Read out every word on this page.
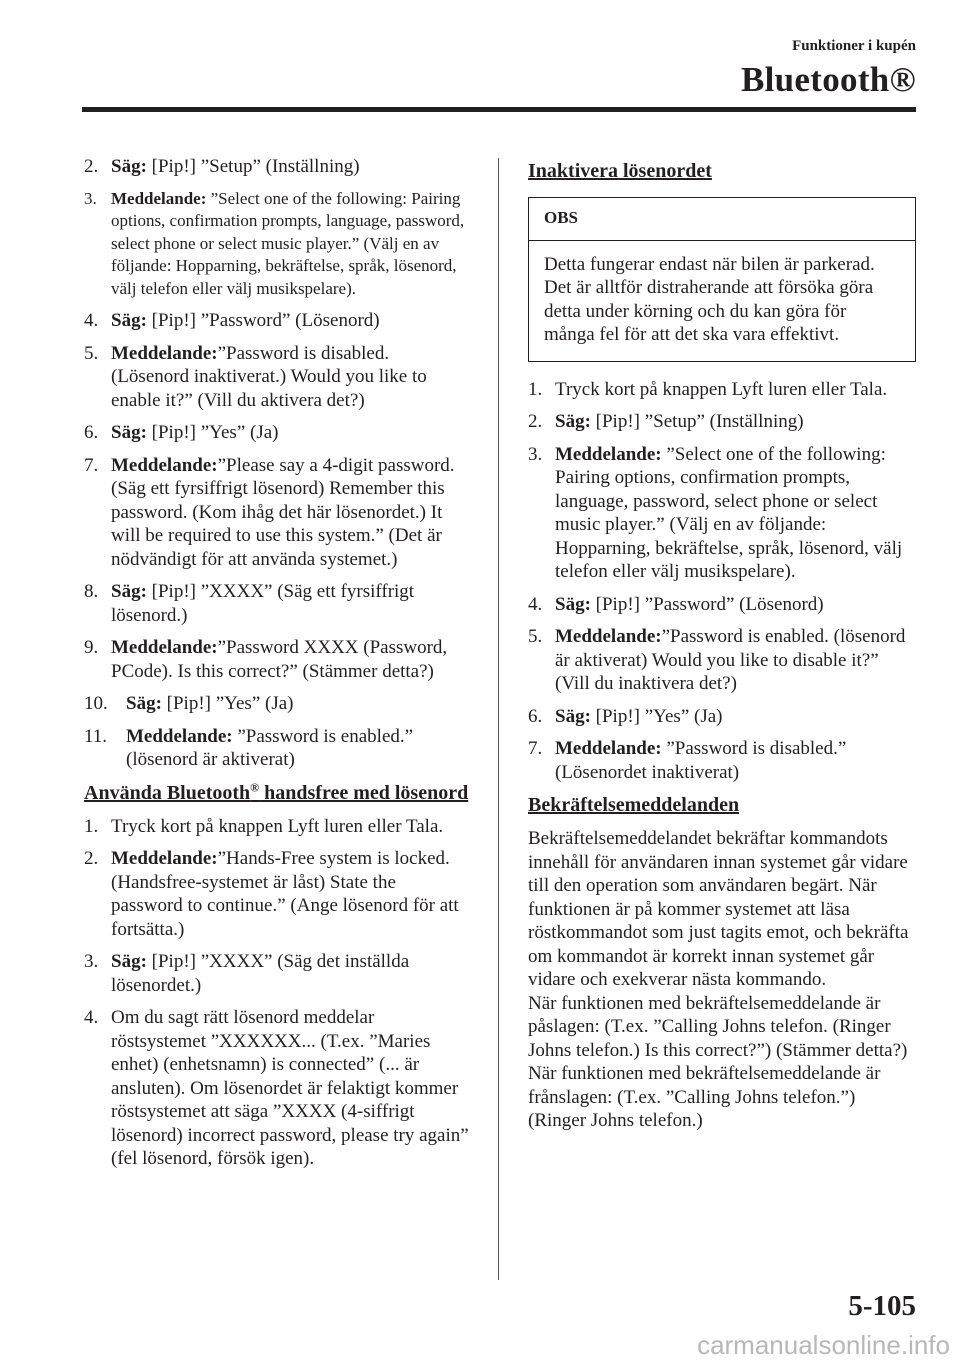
Funktioner i kupén
Bluetooth®
2. Säg: [Pip!] ”Setup” (Inställning)
3. Meddelande: ”Select one of the following: Pairing options, confirmation prompts, language, password, select phone or select music player.” (Välj en av följande: Hopparning, bekräftelse, språk, lösenord, välj telefon eller välj musikspelare).
4. Säg: [Pip!] ”Password” (Lösenord)
5. Meddelande:”Password is disabled. (Lösenord inaktiverat.) Would you like to enable it?” (Vill du aktivera det?)
6. Säg: [Pip!] ”Yes” (Ja)
7. Meddelande:”Please say a 4-digit password. (Säg ett fyrsiffrigt lösenord) Remember this password. (Kom ihåg det här lösenordet.) It will be required to use this system.” (Det är nödvändigt för att använda systemet.)
8. Säg: [Pip!] ”XXXX” (Säg ett fyrsiffrigt lösenord.)
9. Meddelande:”Password XXXX (Password, PCode). Is this correct?” (Stämmer detta?)
10. Säg: [Pip!] ”Yes” (Ja)
11. Meddelande: ”Password is enabled.” (lösenord är aktiverat)
Använda Bluetooth® handsfree med lösenord
1. Tryck kort på knappen Lyft luren eller Tala.
2. Meddelande:”Hands-Free system is locked. (Handsfree-systemet är låst) State the password to continue.” (Ange lösenord för att fortsätta.)
3. Säg: [Pip!] ”XXXX” (Säg det inställda lösenordet.)
4. Om du sagt rätt lösenord meddelar röstsystemet ”XXXXXX... (T.ex. ”Maries enhet) (enhetsnamn) is connected” (... är ansluten). Om lösenordet är felaktigt kommer röstsystemet att säga ”XXXX (4-siffrigt lösenord) incorrect password, please try again” (fel lösenord, försök igen).
Inaktivera lösenordet
OBS
Detta fungerar endast när bilen är parkerad. Det är alltför distraherande att försöka göra detta under körning och du kan göra för många fel för att det ska vara effektivt.
1. Tryck kort på knappen Lyft luren eller Tala.
2. Säg: [Pip!] ”Setup” (Inställning)
3. Meddelande: ”Select one of the following: Pairing options, confirmation prompts, language, password, select phone or select music player.” (Välj en av följande: Hopparning, bekräftelse, språk, lösenord, välj telefon eller välj musikspelare).
4. Säg: [Pip!] ”Password” (Lösenord)
5. Meddelande:”Password is enabled. (lösenord är aktiverat) Would you like to disable it?” (Vill du inaktivera det?)
6. Säg: [Pip!] ”Yes” (Ja)
7. Meddelande: ”Password is disabled.” (Lösenordet inaktiverat)
Bekräftelsemeddelanden

Bekräftelsemeddelandet bekräftar kommandots innehåll för användaren innan systemet går vidare till den operation som användaren begärt. När funktionen är på kommer systemet att läsa röstkommandot som just tagits emot, och bekräfta om kommandot är korrekt innan systemet går vidare och exekverar nästa kommando.

När funktionen med bekräftelsemeddelande är påslagen: (T.ex. ”Calling Johns telefon. (Ringer Johns telefon.) Is this correct?”) (Stämmer detta?)

När funktionen med bekräftelsemeddelande är frånslagen: (T.ex. ”Calling Johns telefon.”) (Ringer Johns telefon.)

5-105
carmanualsonline.info
